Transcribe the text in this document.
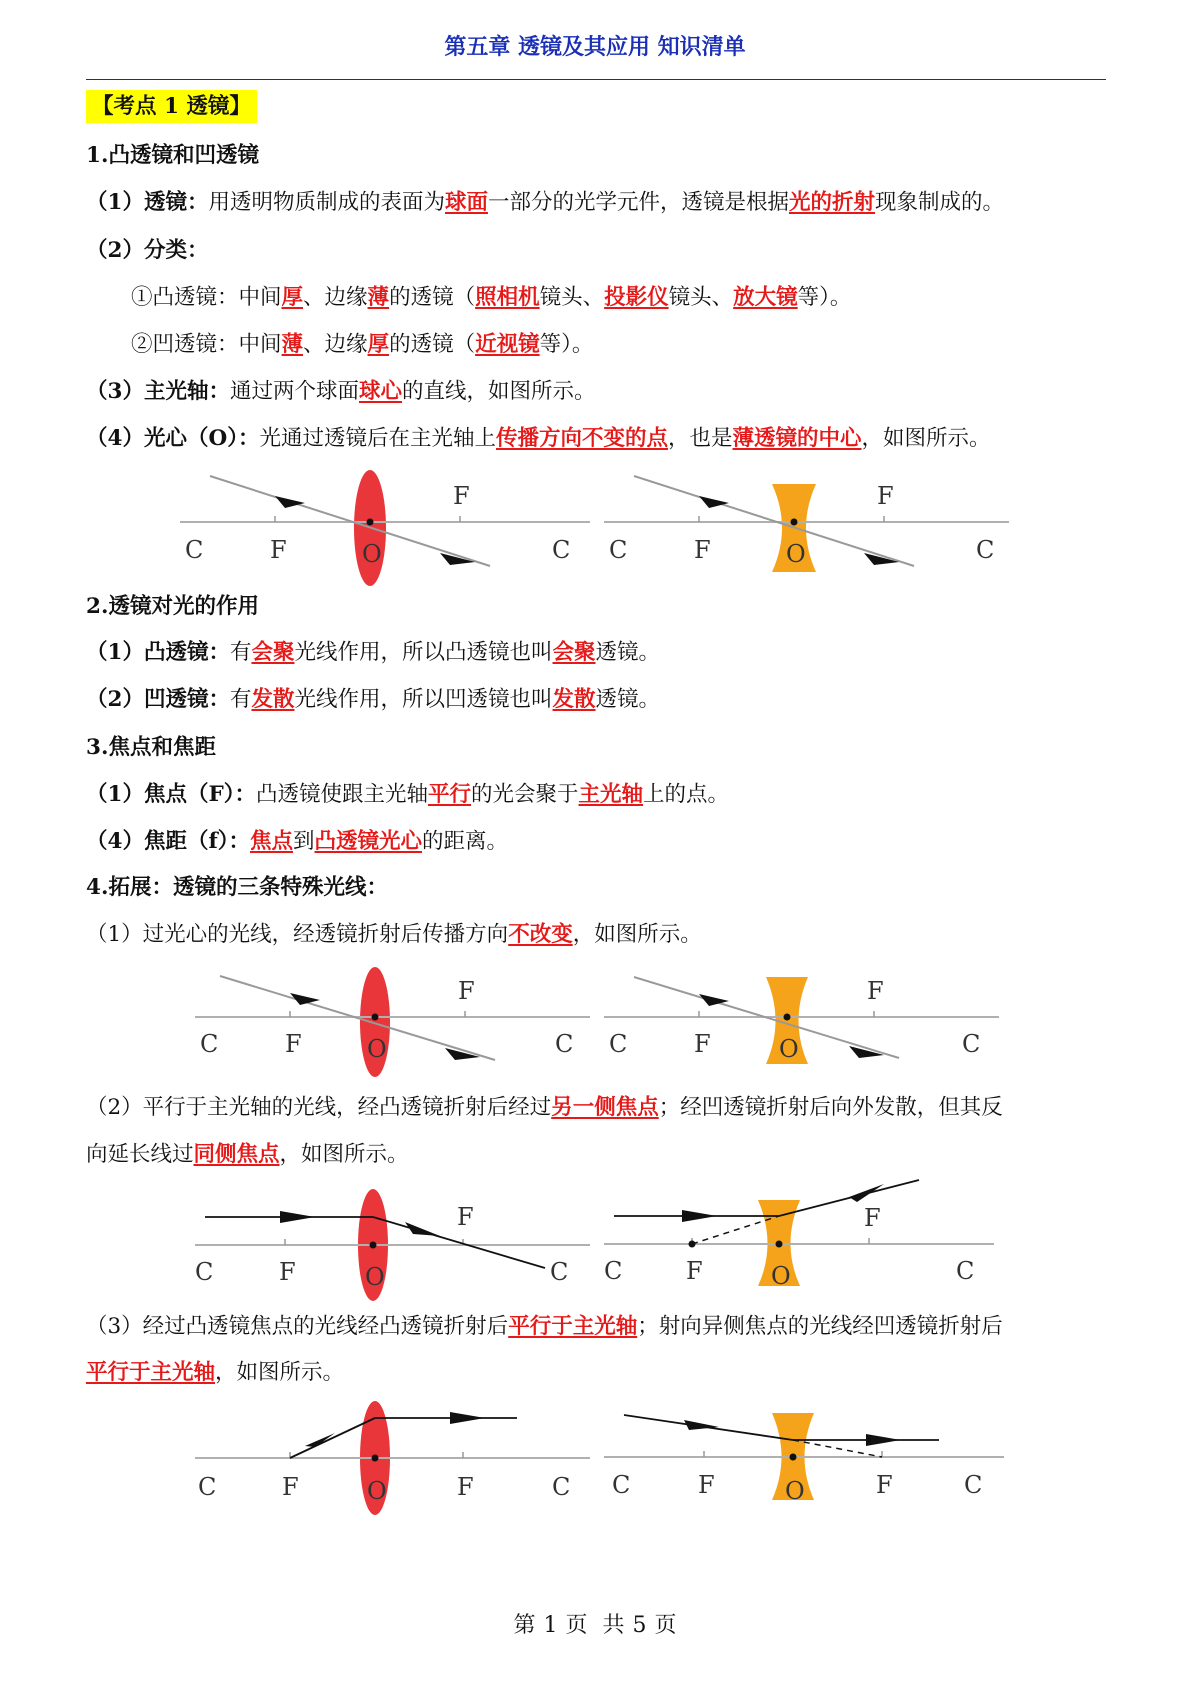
第五章 透镜及其应用 知识清单
【考点 1 透镜】
1.凸透镜和凹透镜
（1）透镜：用透明物质制成的表面为球面一部分的光学元件，透镜是根据光的折射现象制成的。
（2）分类：
①凸透镜：中间厚、边缘薄的透镜（照相机镜头、投影仪镜头、放大镜等）。
②凹透镜：中间薄、边缘厚的透镜（近视镜等）。
（3）主光轴：通过两个球面球心的直线，如图所示。
（4）光心（O）：光通过透镜后在主光轴上传播方向不变的点，也是薄透镜的中心，如图所示。
C	F	O
F
C C	F	O
F
C
2.透镜对光的作用
（1）凸透镜：有会聚光线作用，所以凸透镜也叫会聚透镜。
（2）凹透镜：有发散光线作用，所以凹透镜也叫发散透镜。
3.焦点和焦距
（1）焦点（F）：凸透镜使跟主光轴平行的光会聚于主光轴上的点。
（4）焦距（f）：焦点到凸透镜光心的距离。
4.拓展：透镜的三条特殊光线：
（1）过光心的光线，经透镜折射后传播方向不改变，如图所示。
C	F	O
F
C C	F	O
F
C
（2）平行于主光轴的光线，经凸透镜折射后经过另一侧焦点；经凹透镜折射后向外发散，但其反
向延长线过同侧焦点，如图所示。
C	F	O
F
C C	F	O
F
C
（3）经过凸透镜焦点的光线经凸透镜折射后平行于主光轴；射向异侧焦点的光线经凹透镜折射后
平行于主光轴，如图所示。
C	F	O	F	C C	F	O	F	C
第 1 页 共 5 页
